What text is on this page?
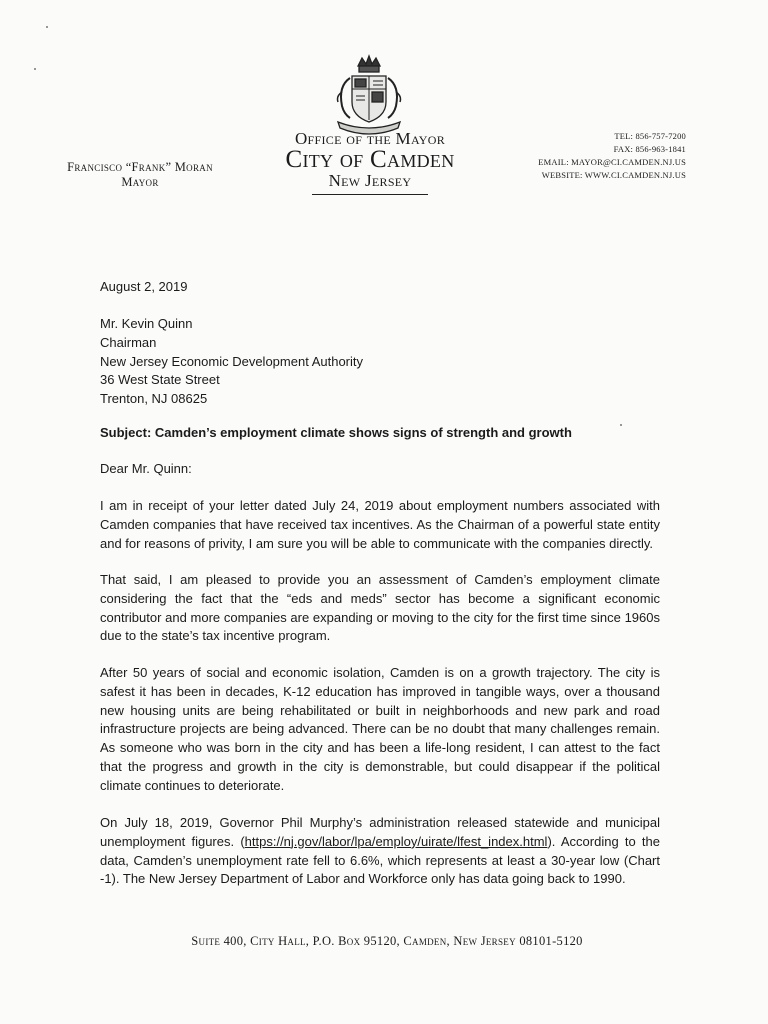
Office of the Mayor
City of Camden
New Jersey
Francisco “Frank” Moran
Mayor
TEL: 856-757-7200
FAX: 856-963-1841
EMAIL: MAYOR@CI.CAMDEN.NJ.US
WEBSITE: WWW.CI.CAMDEN.NJ.US
August 2, 2019
Mr. Kevin Quinn
Chairman
New Jersey Economic Development Authority
36 West State Street
Trenton, NJ 08625
Subject: Camden’s employment climate shows signs of strength and growth
Dear Mr. Quinn:
I am in receipt of your letter dated July 24, 2019 about employment numbers associated with Camden companies that have received tax incentives. As the Chairman of a powerful state entity and for reasons of privity, I am sure you will be able to communicate with the companies directly.
That said, I am pleased to provide you an assessment of Camden’s employment climate considering the fact that the “eds and meds” sector has become a significant economic contributor and more companies are expanding or moving to the city for the first time since 1960s due to the state’s tax incentive program.
After 50 years of social and economic isolation, Camden is on a growth trajectory. The city is safest it has been in decades, K-12 education has improved in tangible ways, over a thousand new housing units are being rehabilitated or built in neighborhoods and new park and road infrastructure projects are being advanced. There can be no doubt that many challenges remain. As someone who was born in the city and has been a life-long resident, I can attest to the fact that the progress and growth in the city is demonstrable, but could disappear if the political climate continues to deteriorate.
On July 18, 2019, Governor Phil Murphy’s administration released statewide and municipal unemployment figures. (https://nj.gov/labor/lpa/employ/uirate/lfest_index.html). According to the data, Camden’s unemployment rate fell to 6.6%, which represents at least a 30-year low (Chart -1). The New Jersey Department of Labor and Workforce only has data going back to 1990.
Suite 400, City Hall, P.O. Box 95120, Camden, New Jersey 08101-5120
